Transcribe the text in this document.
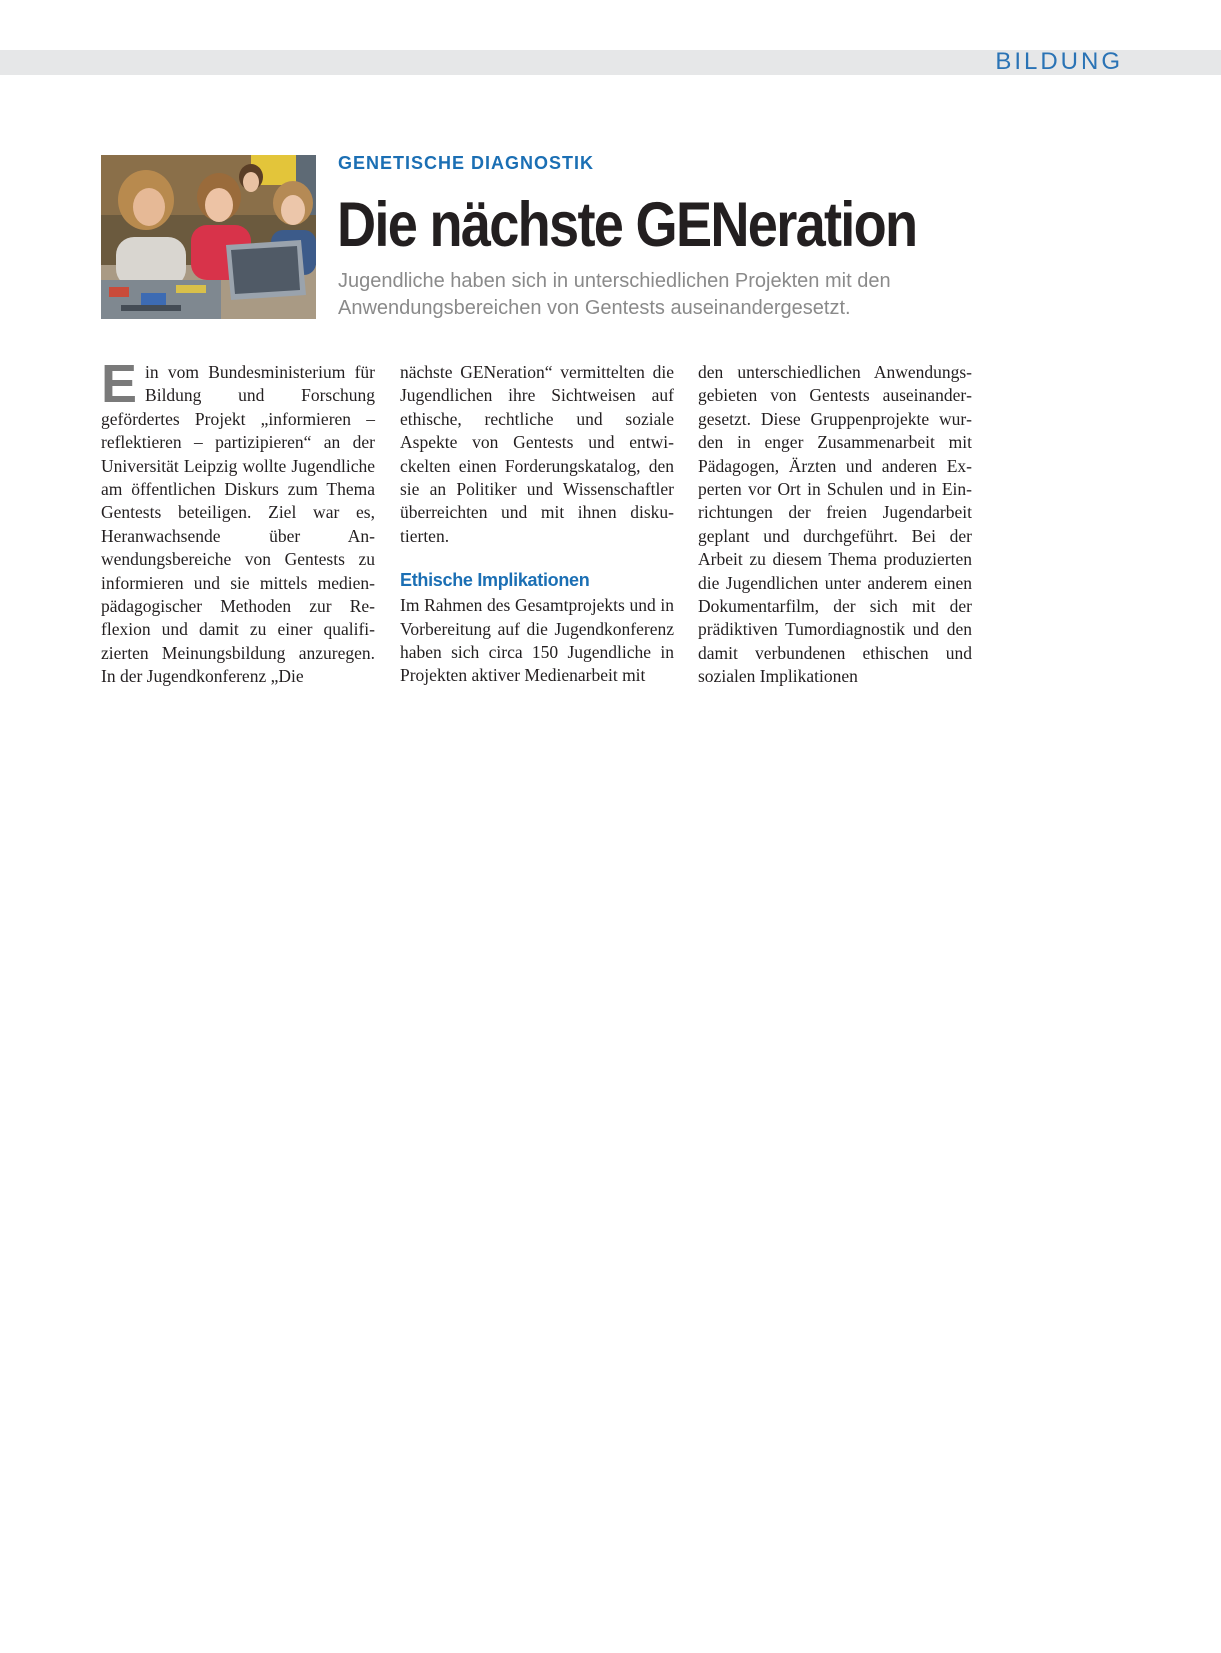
BILDUNG
GENETISCHE DIAGNOSTIK
Die nächste GENeration

Jugendliche haben sich in unterschiedlichen Projekten mit den Anwendungsbereichen von Gentests auseinandergesetzt.

Ein vom Bundesministerium für Bildung und Forschung gefördertes Projekt „informieren – reflektieren – partizipieren“ an der Universität Leipzig wollte Jugendliche am öffentlichen Diskurs zum Thema Gentests beteiligen. Ziel war es, Heranwachsende über Anwendungsbereiche von Gentests zu informieren und sie mittels medienpädagogischer Methoden zur Reflexion und damit zu einer qualifizierten Meinungsbildung anzuregen. In der Jugendkonferenz „Die

nächste GENeration“ vermittelten die Jugendlichen ihre Sichtweisen auf ethische, rechtliche und soziale Aspekte von Gentests und entwickelten einen Forderungskatalog, den sie an Politiker und Wissenschaftler überreichten und mit ihnen diskutierten.

Ethische Implikationen

Im Rahmen des Gesamtprojekts und in Vorbereitung auf die Jugendkonferenz haben sich circa 150 Jugendliche in Projekten aktiver Medienarbeit mit

den unterschiedlichen Anwendungsgebieten von Gentests auseinandergesetzt. Diese Gruppenprojekte wurden in enger Zusammenarbeit mit Pädagogen, Ärzten und anderen Experten vor Ort in Schulen und in Einrichtungen der freien Jugendarbeit geplant und durchgeführt. Bei der Arbeit zu diesem Thema produzierten die Jugendlichen unter anderem einen Dokumentarfilm, der sich mit der prädiktiven Tumordiagnostik und den damit verbundenen ethischen und sozialen Implikationen
